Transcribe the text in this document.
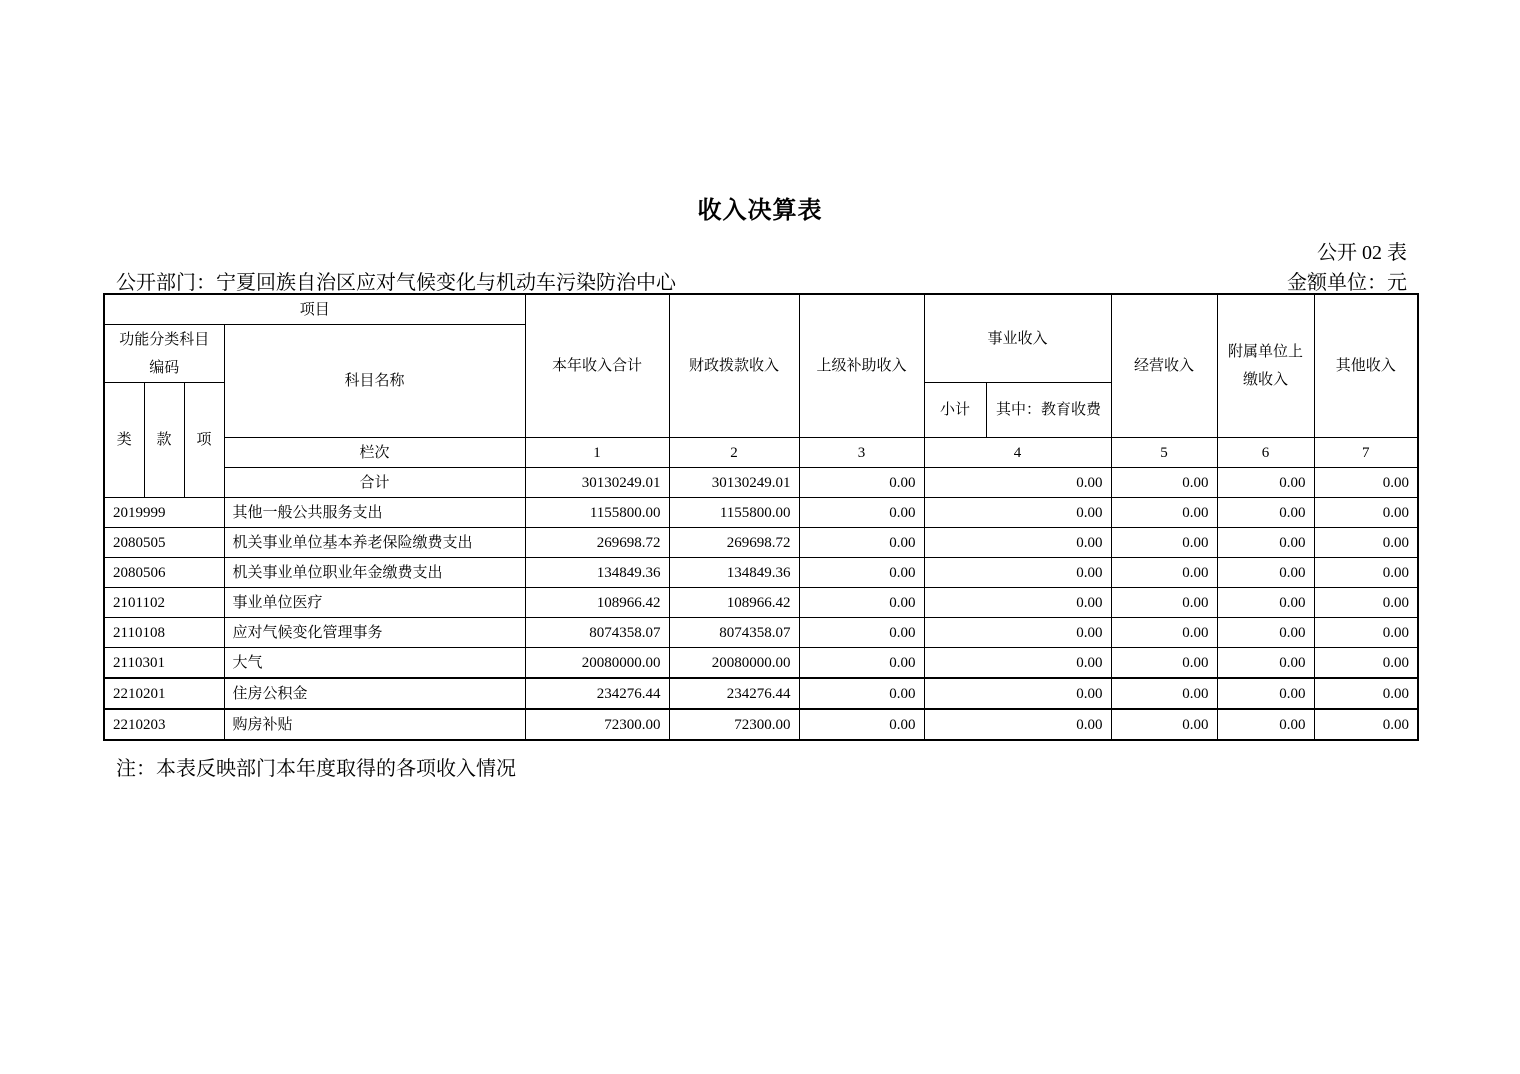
收入决算表
公开 02 表
公开部门：宁夏回族自治区应对气候变化与机动车污染防治中心	金额单位：元
项目				本年收入合计	财政拨款收入	上级补助收入	事业收入		经营收入	附属单位上缴收入	其他收入
功能分类科目编码			科目名称								
类	款	项					小计	其中：教育收费			
			栏次	1	2	3	4		5	6	7
			合计	30130249.01	30130249.01	0.00	0.00		0.00	0.00	0.00
2019999			其他一般公共服务支出	1155800.00	1155800.00	0.00	0.00		0.00	0.00	0.00
2080505			机关事业单位基本养老保险缴费支出	269698.72	269698.72	0.00	0.00		0.00	0.00	0.00
2080506			机关事业单位职业年金缴费支出	134849.36	134849.36	0.00	0.00		0.00	0.00	0.00
2101102			事业单位医疗	108966.42	108966.42	0.00	0.00		0.00	0.00	0.00
2110108			应对气候变化管理事务	8074358.07	8074358.07	0.00	0.00		0.00	0.00	0.00
2110301			大气	20080000.00	20080000.00	0.00	0.00		0.00	0.00	0.00
2210201			住房公积金	234276.44	234276.44	0.00	0.00		0.00	0.00	0.00
2210203			购房补贴	72300.00	72300.00	0.00	0.00		0.00	0.00	0.00
注：本表反映部门本年度取得的各项收入情况
